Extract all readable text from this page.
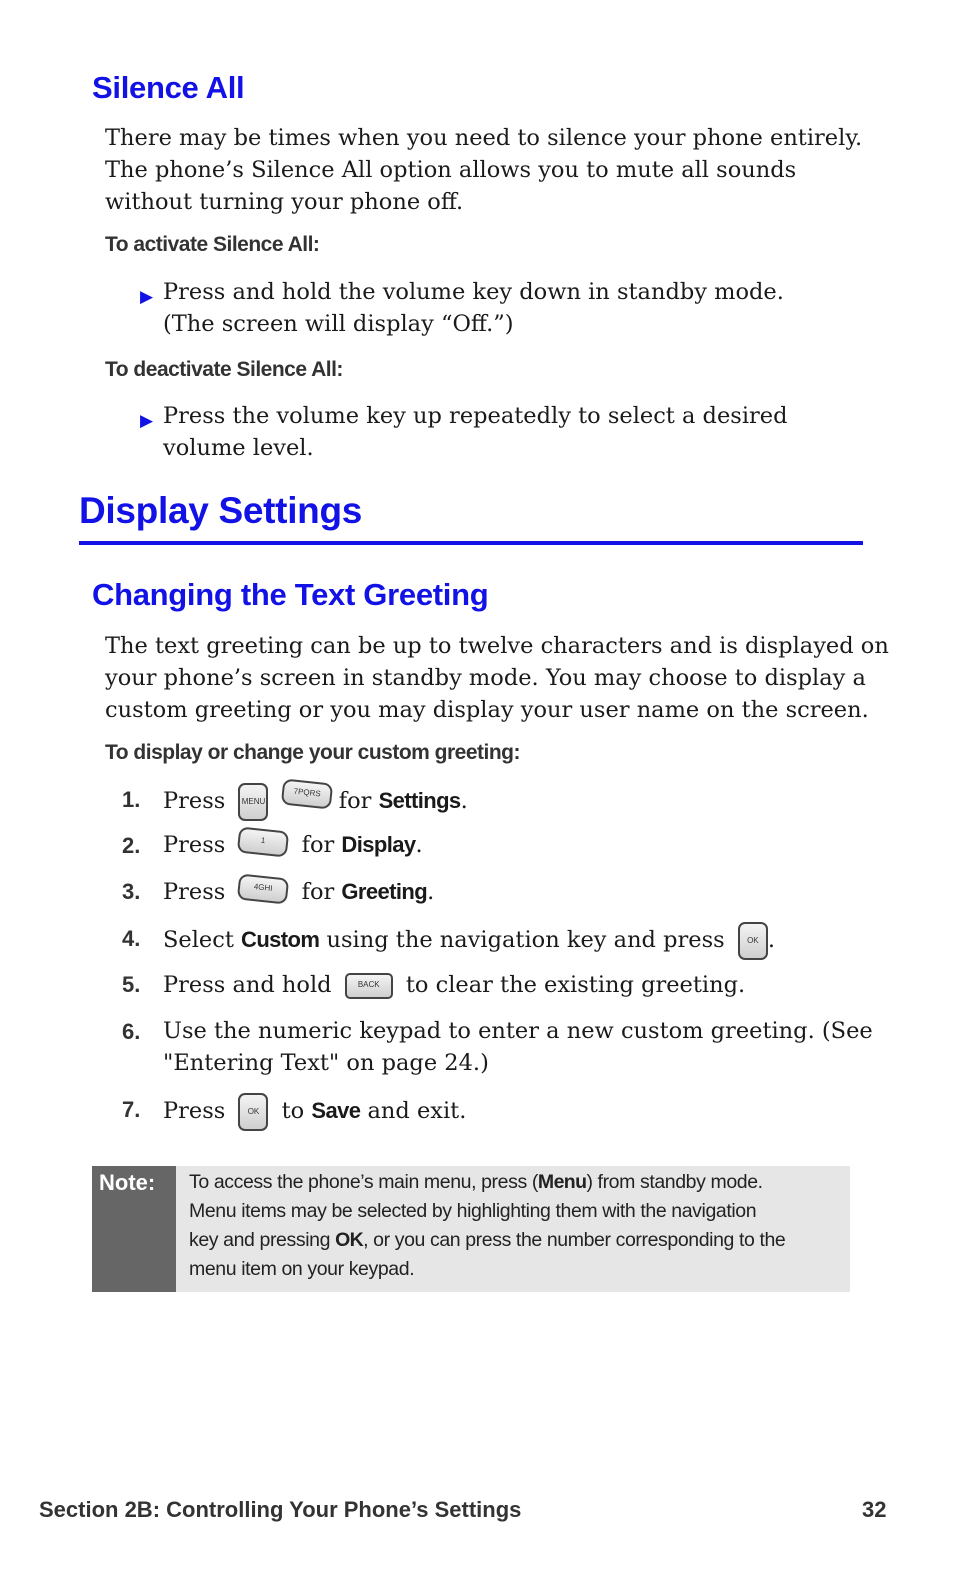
Silence All
There may be times when you need to silence your phone entirely.
The phone’s Silence All option allows you to mute all sounds
without turning your phone off.
To activate Silence All:
▶ Press and hold the volume key down in standby mode.
(The screen will display “Off.”)
To deactivate Silence All:
▶ Press the volume key up repeatedly to select a desired
volume level.
Display Settings
Changing the Text Greeting
The text greeting can be up to twelve characters and is displayed on
your phone’s screen in standby mode. You may choose to display a
custom greeting or you may display your user name on the screen.
To display or change your custom greeting:
1. Press MENU 7PQRS for Settings.
2. Press	1 for Display.
3. Press	4GHI for Greeting.
4. Select Custom using the navigation key and press	OK .
5. Press and hold	BACK to clear the existing greeting.
6. Use the numeric keypad to enter a new custom greeting. (See
"Entering Text" on page 24.)
7. Press	OK to Save and exit.
Note:	To access the phone’s main menu, press (Menu) from standby mode.
Menu items may be selected by highlighting them with the navigation
key and pressing OK, or you can press the number corresponding to the
menu item on your keypad.
Section 2B: Controlling Your Phone’s Settings	32
